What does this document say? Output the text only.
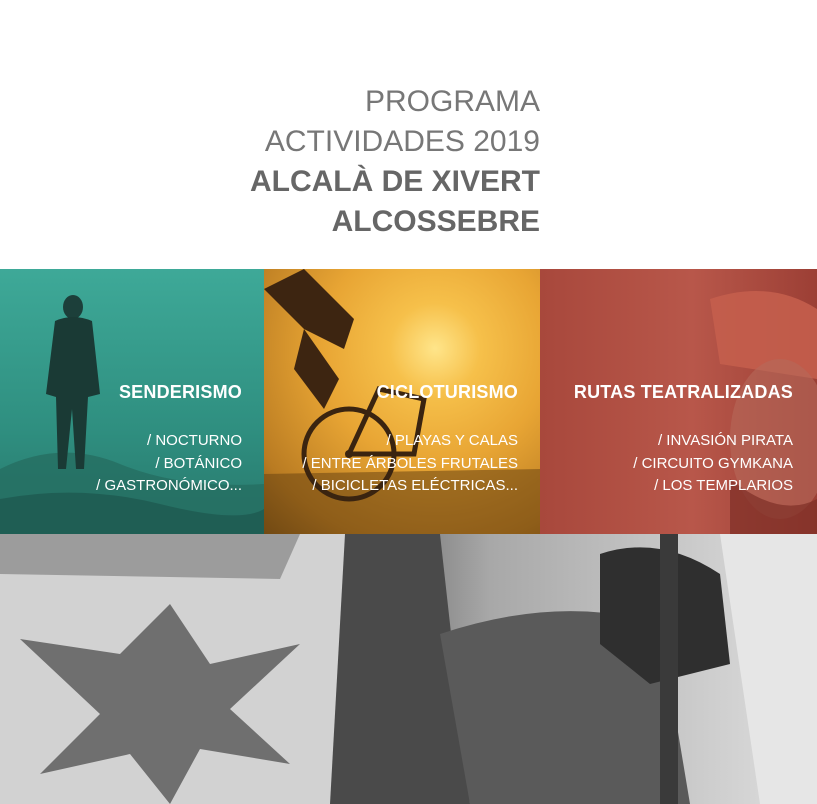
PROGRAMA
ACTIVIDADES 2019
ALCALÀ DE XIVERT
ALCOSSEBRE
SENDERISMO
/ NOCTURNO
/ BOTÁNICO
/ GASTRONÓMICO...
CICLOTURISMO
/ PLAYAS Y CALAS
/ ENTRE ÁRBOLES FRUTALES
/ BICICLETAS ELÉCTRICAS...
RUTAS TEATRALIZADAS
/ INVASIÓN PIRATA
/ CIRCUITO GYMKANA
/ LOS TEMPLARIOS
